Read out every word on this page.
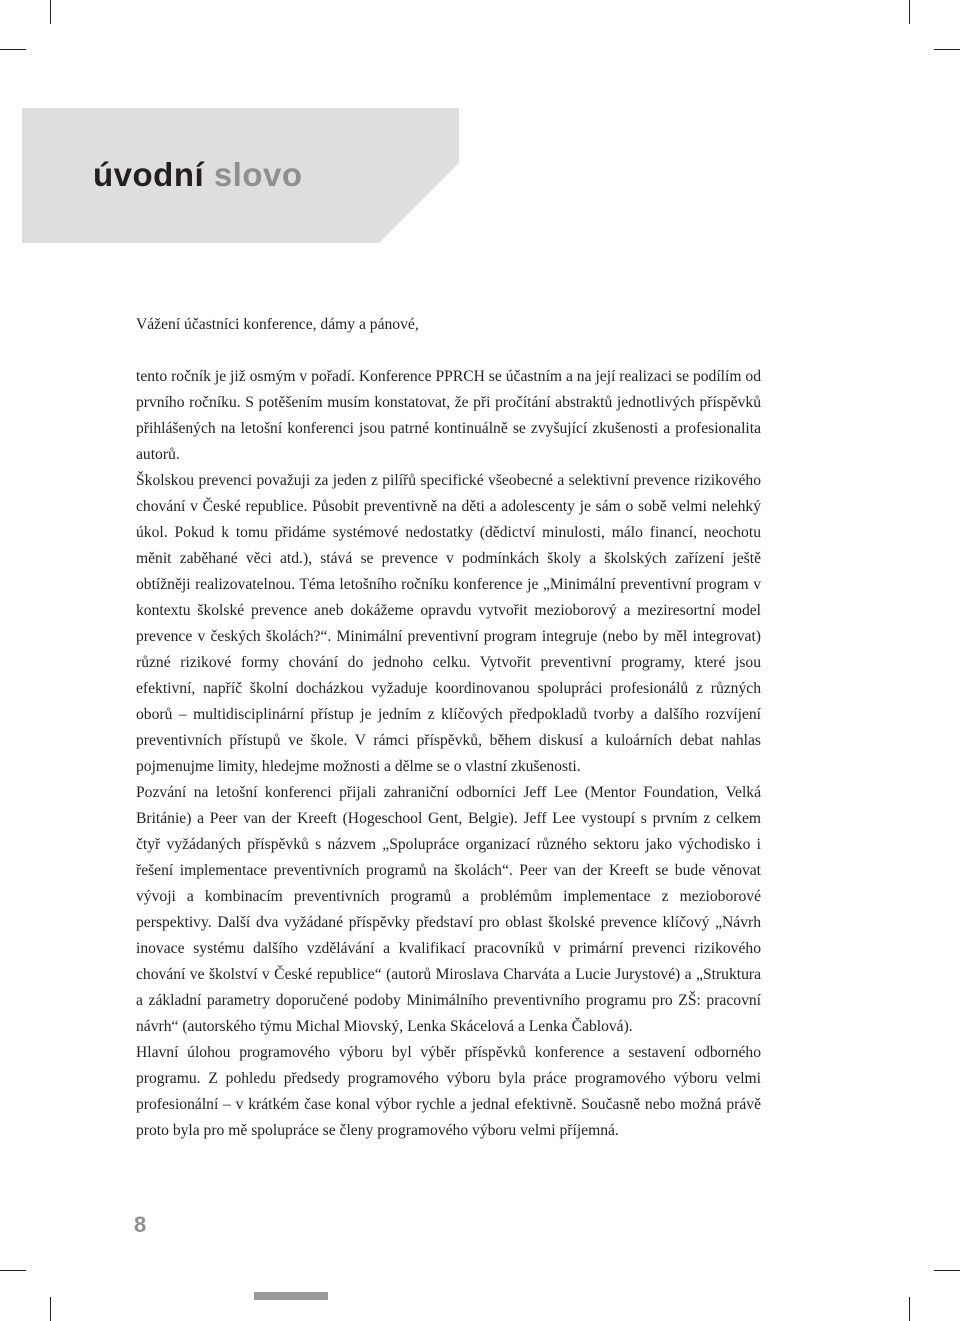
úvodní slovo

Vážení účastníci konference, dámy a pánové,

tento ročník je již osmým v pořadí. Konference PPRCH se účastním a na její realizaci se podílím od prvního ročníku. S potěšením musím konstatovat, že při pročítání abstraktů jednotlivých příspěvků přihlášených na letošní konferenci jsou patrné kontinuálně se zvyšující zkušenosti a profesionalita autorů.

Školskou prevenci považuji za jeden z pilířů specifické všeobecné a selektivní prevence rizikového chování v České republice. Působit preventivně na děti a adolescenty je sám o sobě velmi nelehký úkol. Pokud k tomu přidáme systémové nedostatky (dědictví minulosti, málo financí, neochotu měnit zaběhané věci atd.), stává se prevence v podmínkách školy a školských zařízení ještě obtížněji realizovatelnou. Téma letošního ročníku konference je „Minimální preventivní program v kontextu školské prevence aneb dokážeme opravdu vytvořit mezioborový a meziresortní model prevence v českých školách?“. Minimální preventivní program integruje (nebo by měl integrovat) různé rizikové formy chování do jednoho celku. Vytvořit preventivní programy, které jsou efektivní, napříč školní docházkou vyžaduje koordinovanou spolupráci profesionálů z různých oborů – multidisciplinární přístup je jedním z klíčových předpokladů tvorby a dalšího rozvíjení preventivních přístupů ve škole. V rámci příspěvků, během diskusí a kuloárních debat nahlas pojmenujme limity, hledejme možnosti a dělme se o vlastní zkušenosti.

Pozvání na letošní konferenci přijali zahraniční odborníci Jeff Lee (Mentor Foundation, Velká Británie) a Peer van der Kreeft (Hogeschool Gent, Belgie). Jeff Lee vystoupí s prvním z celkem čtyř vyžádaných příspěvků s názvem „Spolupráce organizací různého sektoru jako východisko i řešení implementace preventivních programů na školách“. Peer van der Kreeft se bude věnovat vývoji a kombinacím preventivních programů a problémům implementace z mezioborové perspektivy. Další dva vyžádané příspěvky představí pro oblast školské prevence klíčový „Návrh inovace systému dalšího vzdělávání a kvalifikací pracovníků v primární prevenci rizikového chování ve školství v České republice“ (autorů Miroslava Charváta a Lucie Jurystové) a „Struktura a základní parametry doporučené podoby Minimálního preventivního programu pro ZŠ: pracovní návrh“ (autorského týmu Michal Miovský, Lenka Skácelová a Lenka Čablová).

Hlavní úlohou programového výboru byl výběr příspěvků konference a sestavení odborného programu. Z pohledu předsedy programového výboru byla práce programového výboru velmi profesionální – v krátkém čase konal výbor rychle a jednal efektivně. Současně nebo možná právě proto byla pro mě spolupráce se členy programového výboru velmi příjemná.

8
